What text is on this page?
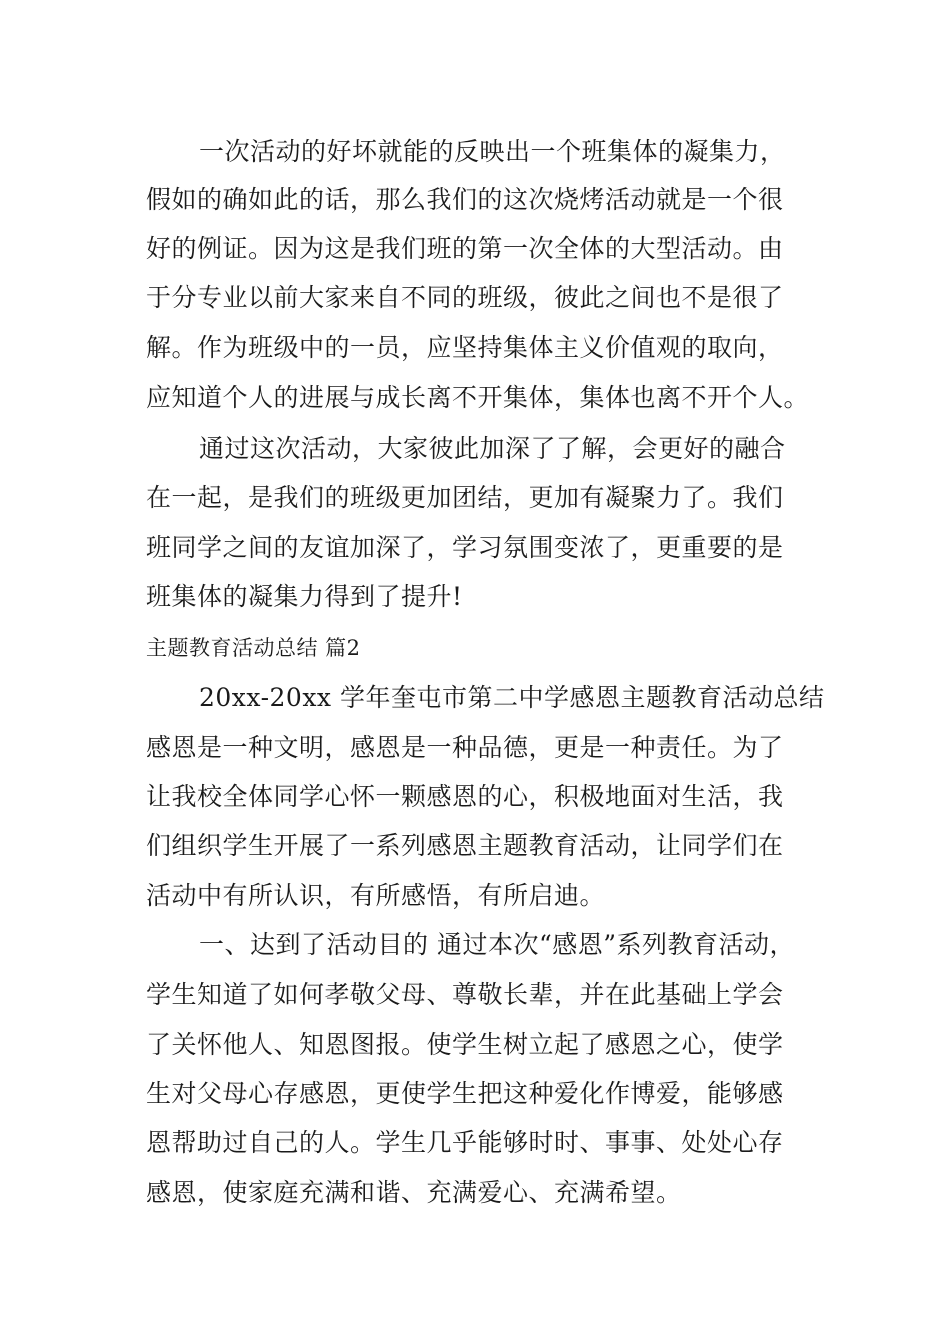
一次活动的好坏就能的反映出一个班集体的凝集力，
假如的确如此的话，那么我们的这次烧烤活动就是一个很
好的例证。因为这是我们班的第一次全体的大型活动。由
于分专业以前大家来自不同的班级，彼此之间也不是很了
解。作为班级中的一员，应坚持集体主义价值观的取向，
应知道个人的进展与成长离不开集体，集体也离不开个人。
通过这次活动，大家彼此加深了了解，会更好的融合
在一起，是我们的班级更加团结，更加有凝聚力了。我们
班同学之间的友谊加深了，学习氛围变浓了，更重要的是
班集体的凝集力得到了提升!
主题教育活动总结 篇2
20xx-20xx 学年奎屯市第二中学感恩主题教育活动总结
感恩是一种文明，感恩是一种品德，更是一种责任。为了
让我校全体同学心怀一颗感恩的心，积极地面对生活，我
们组织学生开展了一系列感恩主题教育活动，让同学们在
活动中有所认识，有所感悟，有所启迪。
一、达到了活动目的 通过本次“感恩”系列教育活动，
学生知道了如何孝敬父母、尊敬长辈，并在此基础上学会
了关怀他人、知恩图报。使学生树立起了感恩之心，使学
生对父母心存感恩，更使学生把这种爱化作博爱，能够感
恩帮助过自己的人。学生几乎能够时时、事事、处处心存
感恩，使家庭充满和谐、充满爱心、充满希望。
